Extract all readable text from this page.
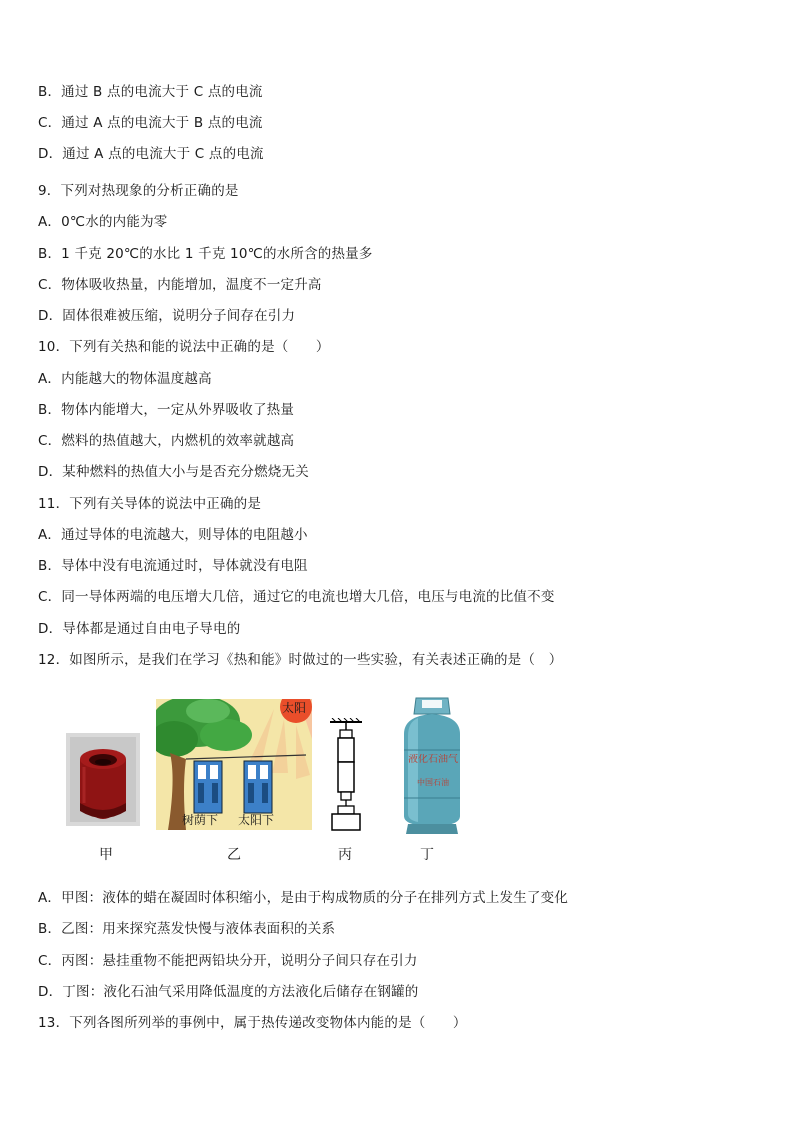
B．通过 B 点的电流大于 C 点的电流
C．通过 A 点的电流大于 B 点的电流
D．通过 A 点的电流大于 C 点的电流
9．下列对热现象的分析正确的是
A．0℃水的内能为零
B．1 千克 20℃的水比 1 千克 10℃的水所含的热量多
C．物体吸收热量，内能增加，温度不一定升高
D．固体很难被压缩，说明分子间存在引力
10．下列有关热和能的说法中正确的是（　　）
A．内能越大的物体温度越高
B．物体内能增大，一定从外界吸收了热量
C．燃料的热值越大，内燃机的效率就越高
D．某种燃料的热值大小与是否充分燃烧无关
11．下列有关导体的说法中正确的是
A．通过导体的电流越大，则导体的电阻越小
B．导体中没有电流通过时，导体就没有电阻
C．同一导体两端的电压增大几倍，通过它的电流也增大几倍，电压与电流的比值不变
D．导体都是通过自由电子导电的
12．如图所示，是我们在学习《热和能》时做过的一些实验，有关表述正确的是（　）
甲
太阳
树荫下 太阳下
乙	丙
液化石油气
中国石油
丁
A．甲图：液体的蜡在凝固时体积缩小，是由于构成物质的分子在排列方式上发生了变化
B．乙图：用来探究蒸发快慢与液体表面积的关系
C．丙图：悬挂重物不能把两铅块分开，说明分子间只存在引力
D．丁图：液化石油气采用降低温度的方法液化后储存在钢罐的
13．下列各图所列举的事例中，属于热传递改变物体内能的是（　　）
